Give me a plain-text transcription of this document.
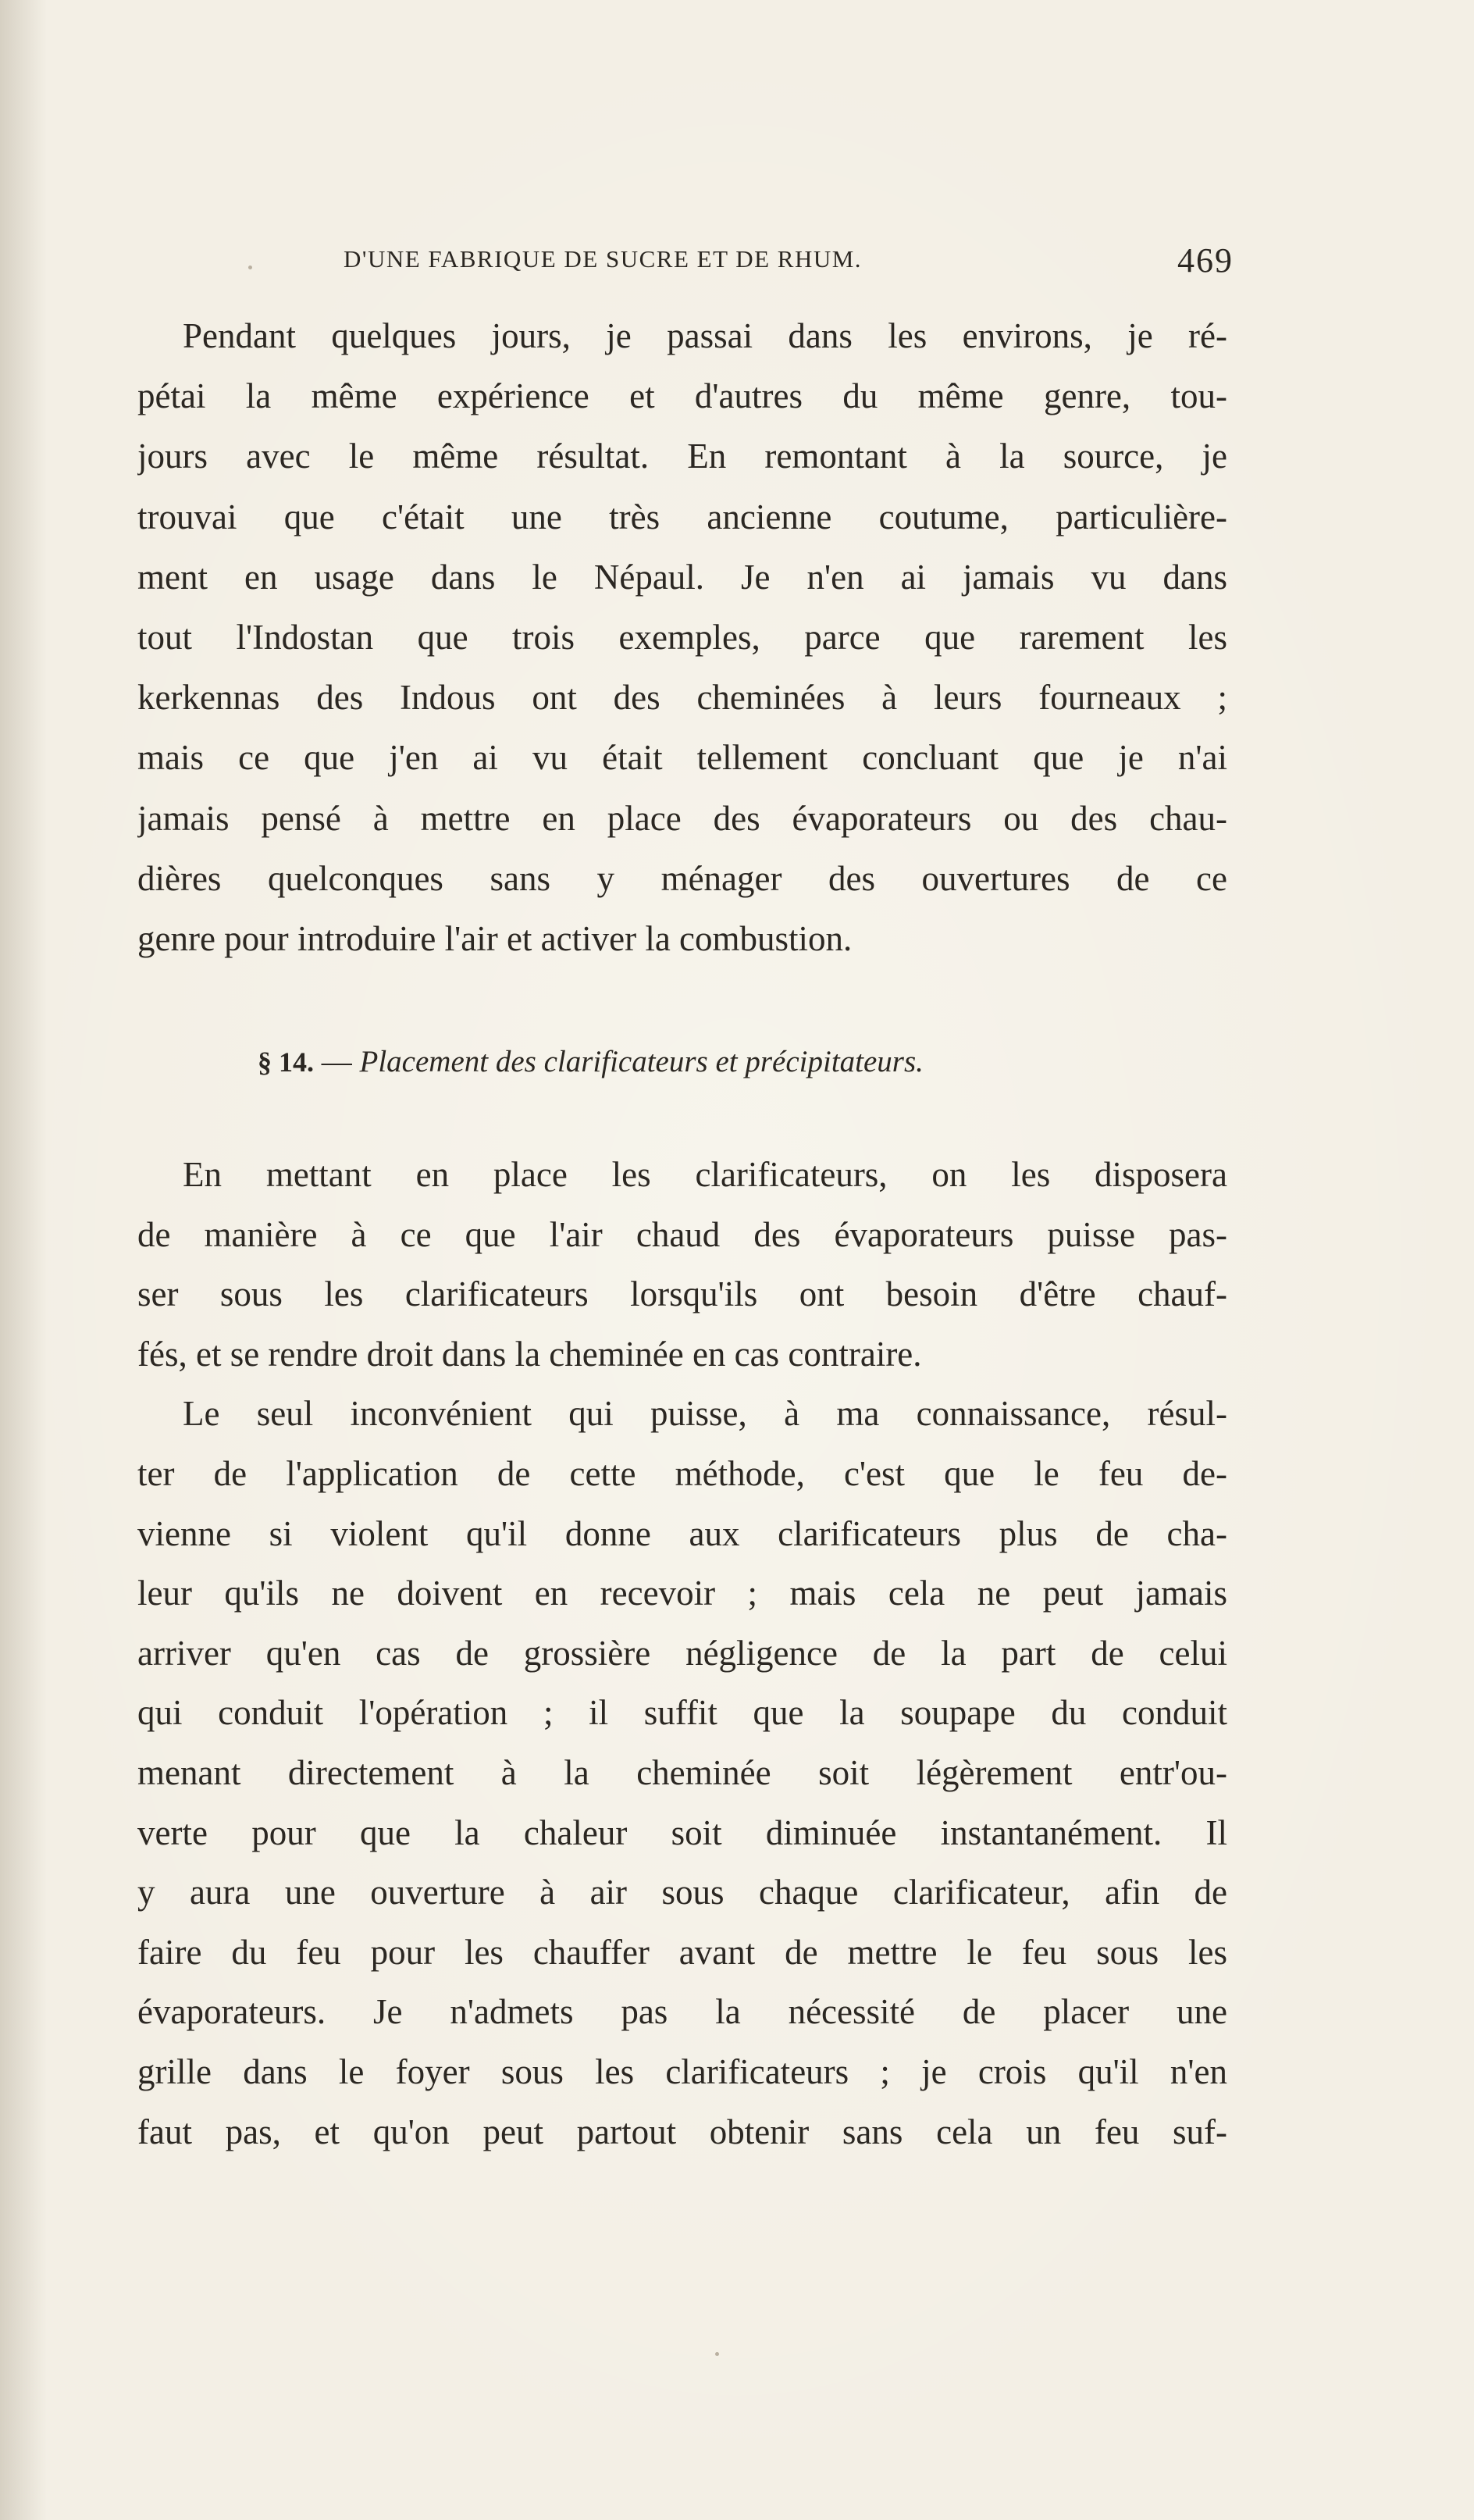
D'UNE FABRIQUE DE SUCRE ET DE RHUM.	469
Pendant quelques jours, je passai dans les environs, je ré-
pétai la même expérience et d'autres du même genre, tou-
jours avec le même résultat. En remontant à la source, je
trouvai que c'était une très ancienne coutume, particulière-
ment en usage dans le Népaul. Je n'en ai jamais vu dans
tout l'Indostan que trois exemples, parce que rarement les
kerkennas des Indous ont des cheminées à leurs fourneaux ;
mais ce que j'en ai vu était tellement concluant que je n'ai
jamais pensé à mettre en place des évaporateurs ou des chau-
dières quelconques sans y ménager des ouvertures de ce
genre pour introduire l'air et activer la combustion.
§ 14. — Placement des clarificateurs et précipitateurs.
En mettant en place les clarificateurs, on les disposera
de manière à ce que l'air chaud des évaporateurs puisse pas-
ser sous les clarificateurs lorsqu'ils ont besoin d'être chauf-
fés, et se rendre droit dans la cheminée en cas contraire.
Le seul inconvénient qui puisse, à ma connaissance, résul-
ter de l'application de cette méthode, c'est que le feu de-
vienne si violent qu'il donne aux clarificateurs plus de cha-
leur qu'ils ne doivent en recevoir ; mais cela ne peut jamais
arriver qu'en cas de grossière négligence de la part de celui
qui conduit l'opération ; il suffit que la soupape du conduit
menant directement à la cheminée soit légèrement entr'ou-
verte pour que la chaleur soit diminuée instantanément. Il
y aura une ouverture à air sous chaque clarificateur, afin de
faire du feu pour les chauffer avant de mettre le feu sous les
évaporateurs. Je n'admets pas la nécessité de placer une
grille dans le foyer sous les clarificateurs ; je crois qu'il n'en
faut pas, et qu'on peut partout obtenir sans cela un feu suf-
